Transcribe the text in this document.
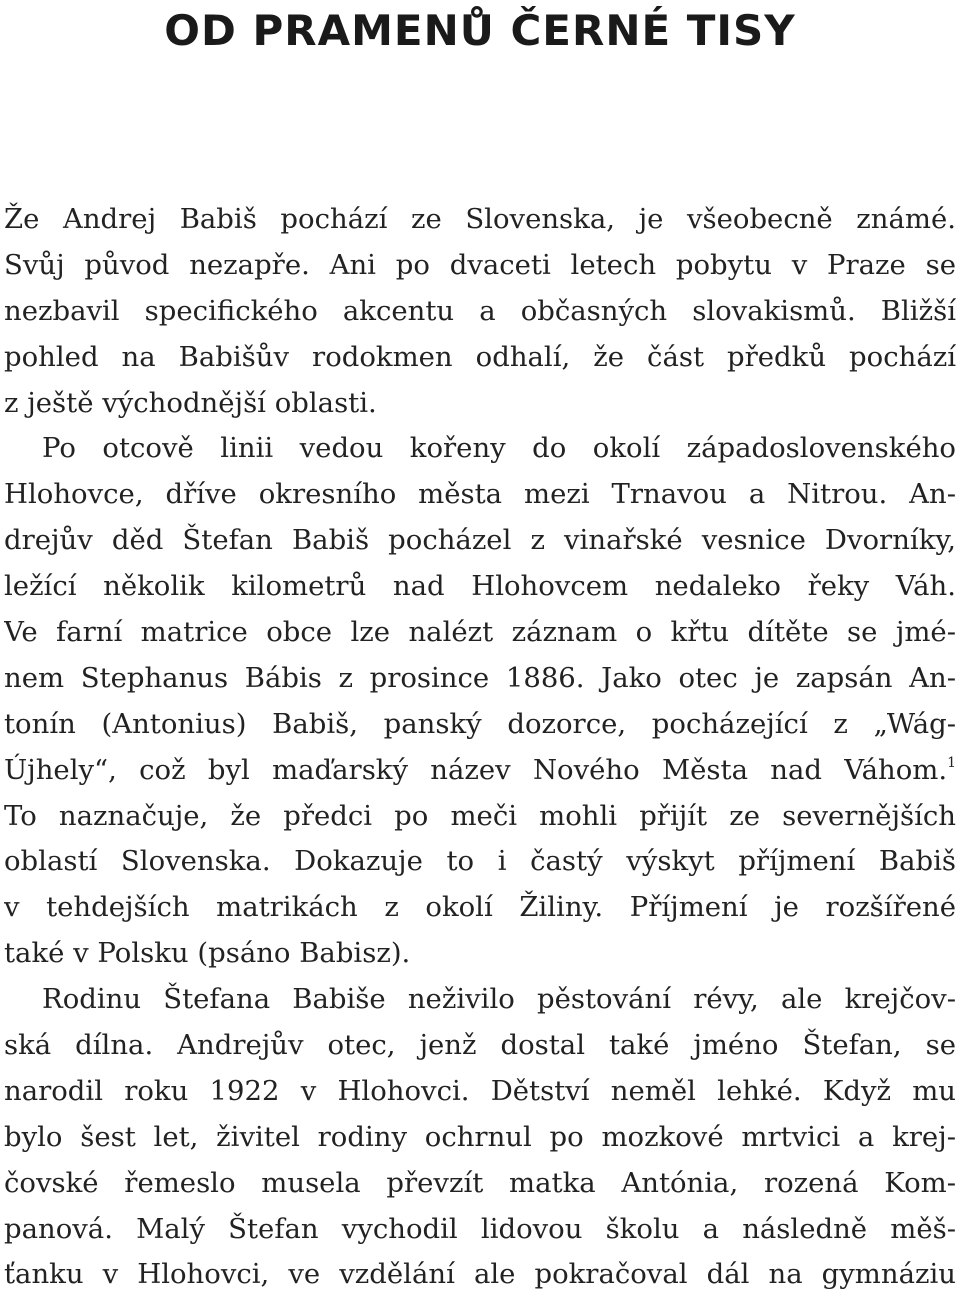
OD PRAMENŮ ČERNÉ TISY
Že Andrej Babiš pochází ze Slovenska, je všeobecně známé.
Svůj původ nezapře. Ani po dvaceti letech pobytu v Praze se
nezbavil specifického akcentu a občasných slovakismů. Bližší
pohled na Babišův rodokmen odhalí, že část předků pochází
z ještě východnější oblasti.
Po otcově linii vedou kořeny do okolí západoslovenského
Hlohovce, dříve okresního města mezi Trnavou a Nitrou. An-
drejův děd Štefan Babiš pocházel z vinařské vesnice Dvorníky,
ležící několik kilometrů nad Hlohovcem nedaleko řeky Váh.
Ve farní matrice obce lze nalézt záznam o křtu dítěte se jmé-
nem Stephanus Bábis z prosince 1886. Jako otec je zapsán An-
tonín (Antonius) Babiš, panský dozorce, pocházející z „Wág-
Újhely“, což byl maďarský název Nového Města nad Váhom.$^1$
To naznačuje, že předci po meči mohli přijít ze severnějších
oblastí Slovenska. Dokazuje to i častý výskyt příjmení Babiš
v tehdejších matrikách z okolí Žiliny. Příjmení je rozšířené
také v Polsku (psáno Babisz).
Rodinu Štefana Babiše neživilo pěstování révy, ale krejčov-
ská dílna. Andrejův otec, jenž dostal také jméno Štefan, se
narodil roku 1922 v Hlohovci. Dětství neměl lehké. Když mu
bylo šest let, živitel rodiny ochrnul po mozkové mrtvici a krej-
čovské řemeslo musela převzít matka Antónia, rozená Kom-
panová. Malý Štefan vychodil lidovou školu a následně měš-
ťanku v Hlohovci, ve vzdělání ale pokračoval dál na gymnáziu
